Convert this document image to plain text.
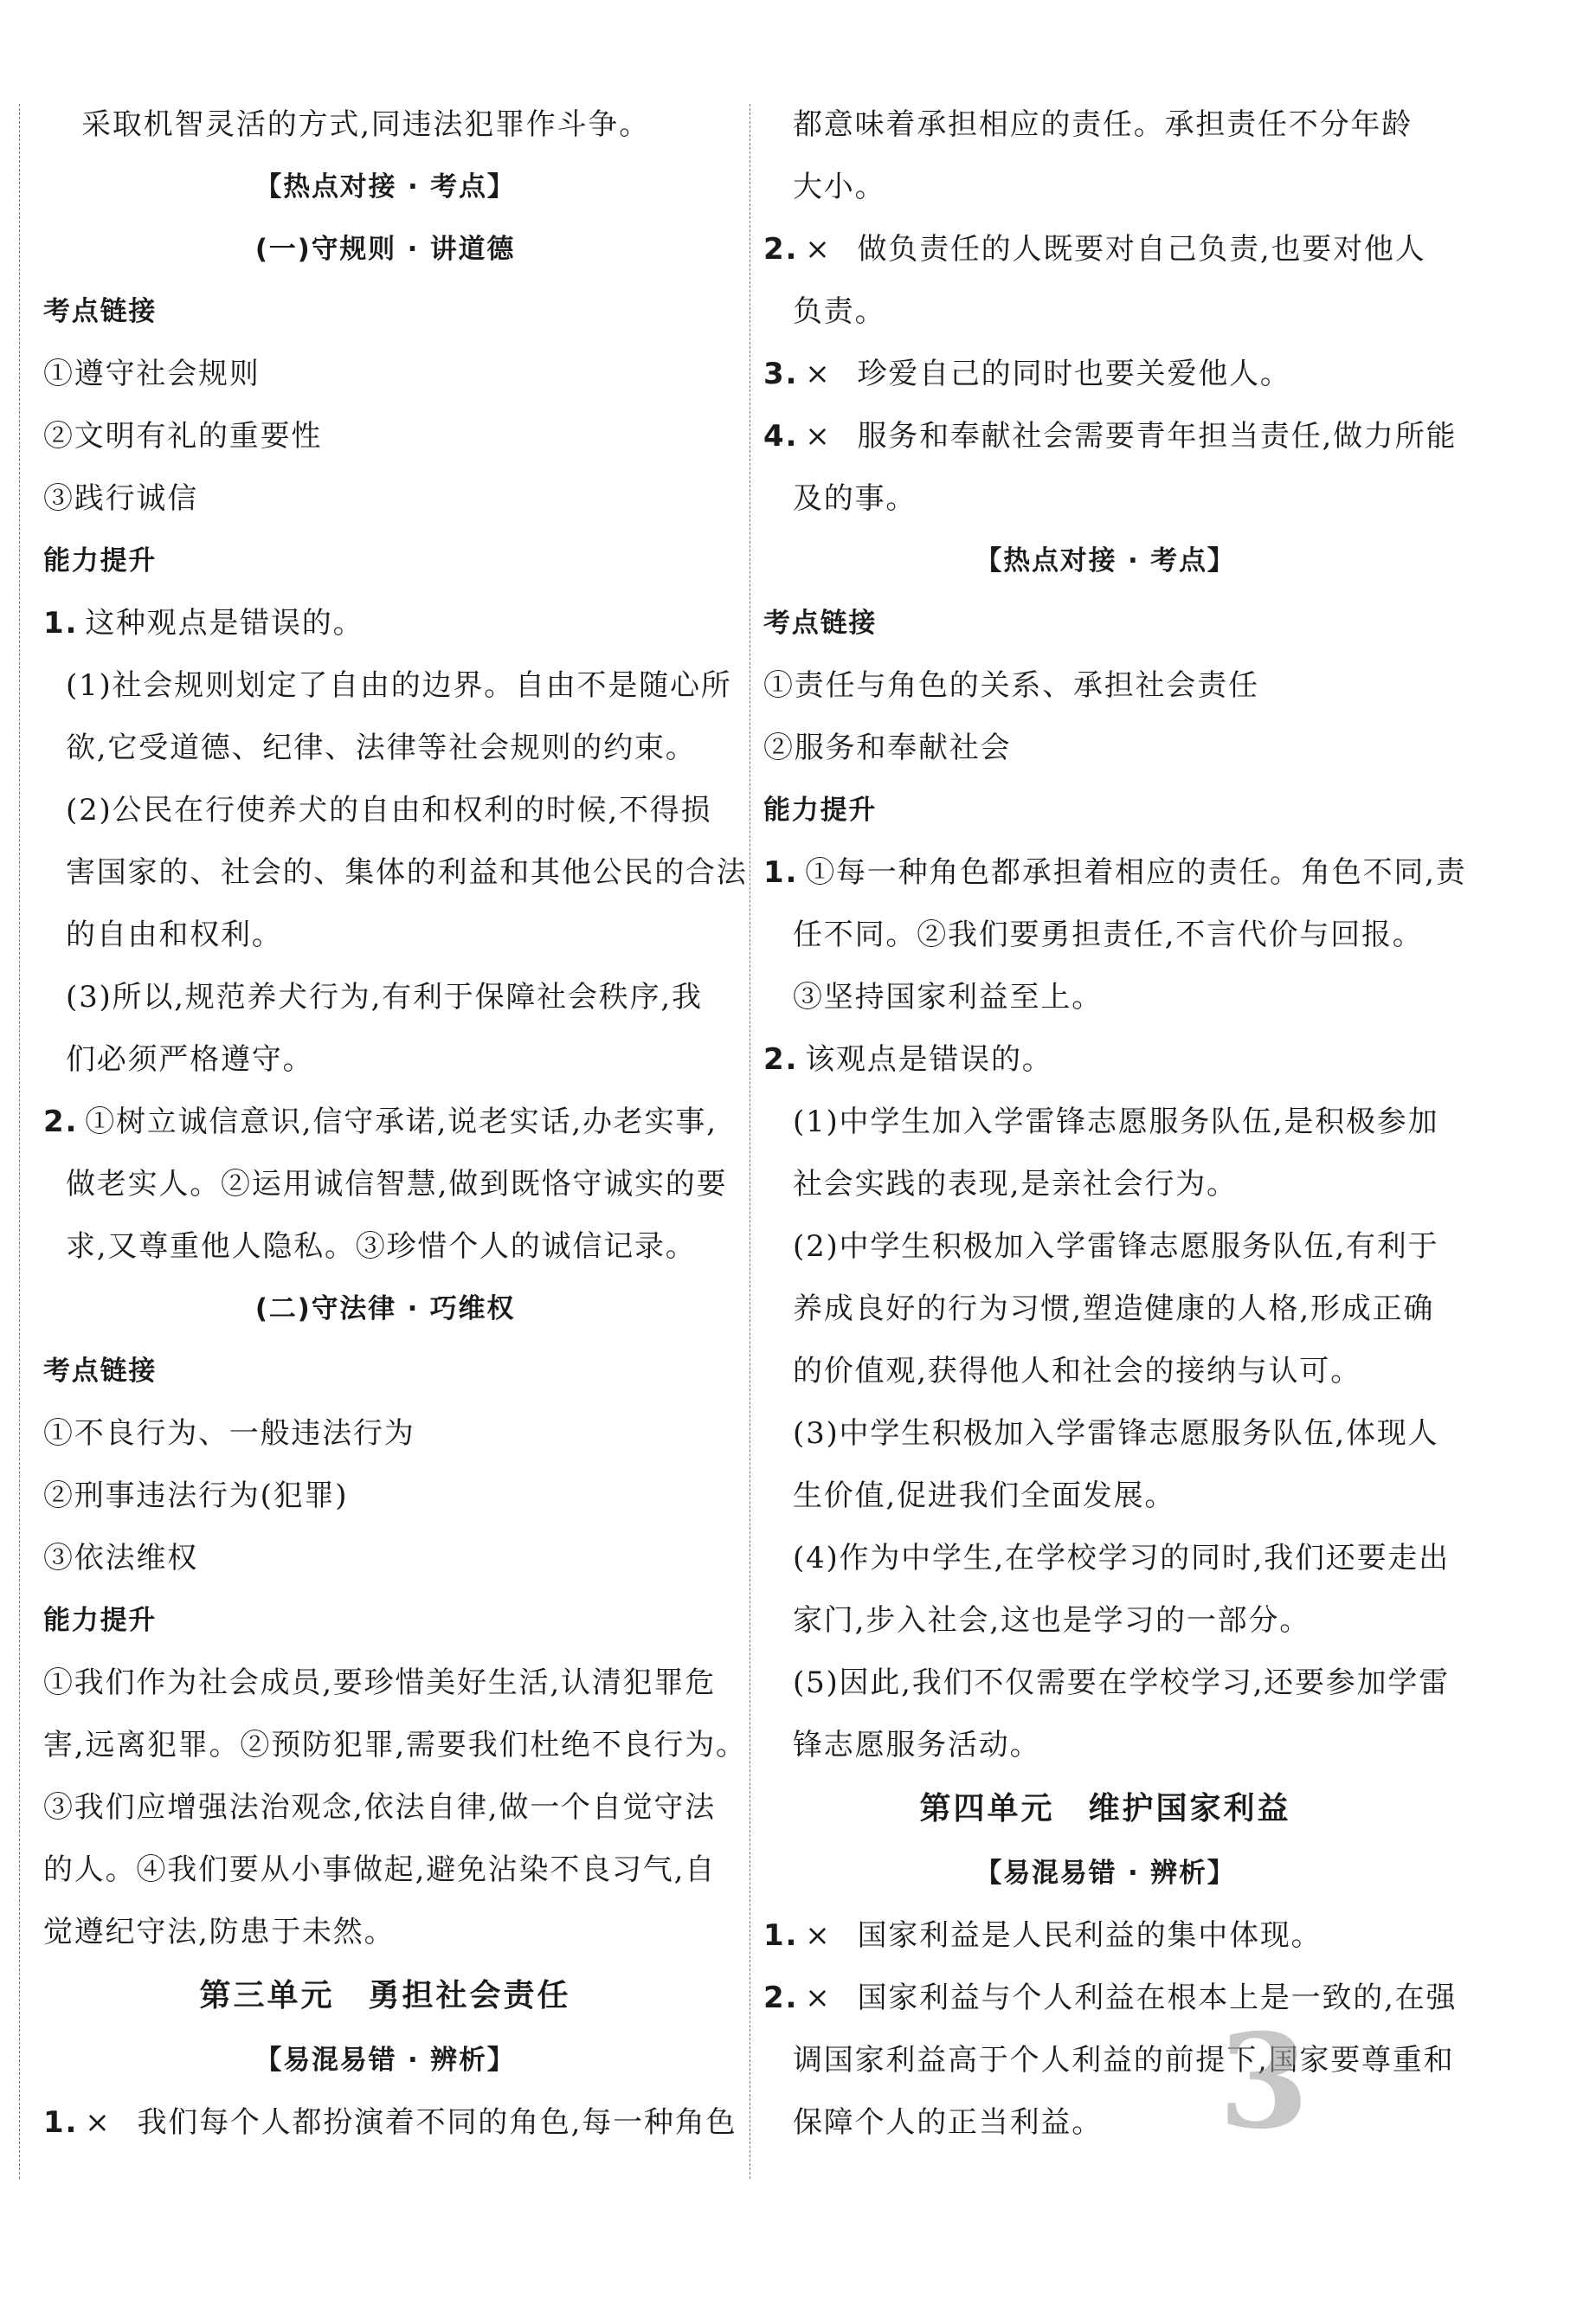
采取机智灵活的方式,同违法犯罪作斗争。
【热点对接 · 考点】
(一)守规则 · 讲道德
考点链接
①遵守社会规则
②文明有礼的重要性
③践行诚信
能力提升
1. 这种观点是错误的。
(1)社会规则划定了自由的边界。自由不是随心所
欲,它受道德、纪律、法律等社会规则的约束。
(2)公民在行使养犬的自由和权利的时候,不得损
害国家的、社会的、集体的利益和其他公民的合法
的自由和权利。
(3)所以,规范养犬行为,有利于保障社会秩序,我
们必须严格遵守。
2. ①树立诚信意识,信守承诺,说老实话,办老实事,
做老实人。②运用诚信智慧,做到既恪守诚实的要
求,又尊重他人隐私。③珍惜个人的诚信记录。
(二)守法律 · 巧维权
考点链接
①不良行为、一般违法行为
②刑事违法行为(犯罪)
③依法维权
能力提升
①我们作为社会成员,要珍惜美好生活,认清犯罪危
害,远离犯罪。②预防犯罪,需要我们杜绝不良行为。
③我们应增强法治观念,依法自律,做一个自觉守法
的人。④我们要从小事做起,避免沾染不良习气,自
觉遵纪守法,防患于未然。
第三单元　勇担社会责任
【易混易错 · 辨析】
1. × 我们每个人都扮演着不同的角色,每一种角色
都意味着承担相应的责任。承担责任不分年龄
大小。
2. × 做负责任的人既要对自己负责,也要对他人
负责。
3. × 珍爱自己的同时也要关爱他人。
4. × 服务和奉献社会需要青年担当责任,做力所能
及的事。
【热点对接 · 考点】
考点链接
①责任与角色的关系、承担社会责任
②服务和奉献社会
能力提升
1. ①每一种角色都承担着相应的责任。角色不同,责
任不同。②我们要勇担责任,不言代价与回报。
③坚持国家利益至上。
2. 该观点是错误的。
(1)中学生加入学雷锋志愿服务队伍,是积极参加
社会实践的表现,是亲社会行为。
(2)中学生积极加入学雷锋志愿服务队伍,有利于
养成良好的行为习惯,塑造健康的人格,形成正确
的价值观,获得他人和社会的接纳与认可。
(3)中学生积极加入学雷锋志愿服务队伍,体现人
生价值,促进我们全面发展。
(4)作为中学生,在学校学习的同时,我们还要走出
家门,步入社会,这也是学习的一部分。
(5)因此,我们不仅需要在学校学习,还要参加学雷
锋志愿服务活动。
第四单元　维护国家利益
【易混易错 · 辨析】
1. × 国家利益是人民利益的集中体现。
2. × 国家利益与个人利益在根本上是一致的,在强
调国家利益高于个人利益的前提下,国家要尊重和
保障个人的正当利益。 3
